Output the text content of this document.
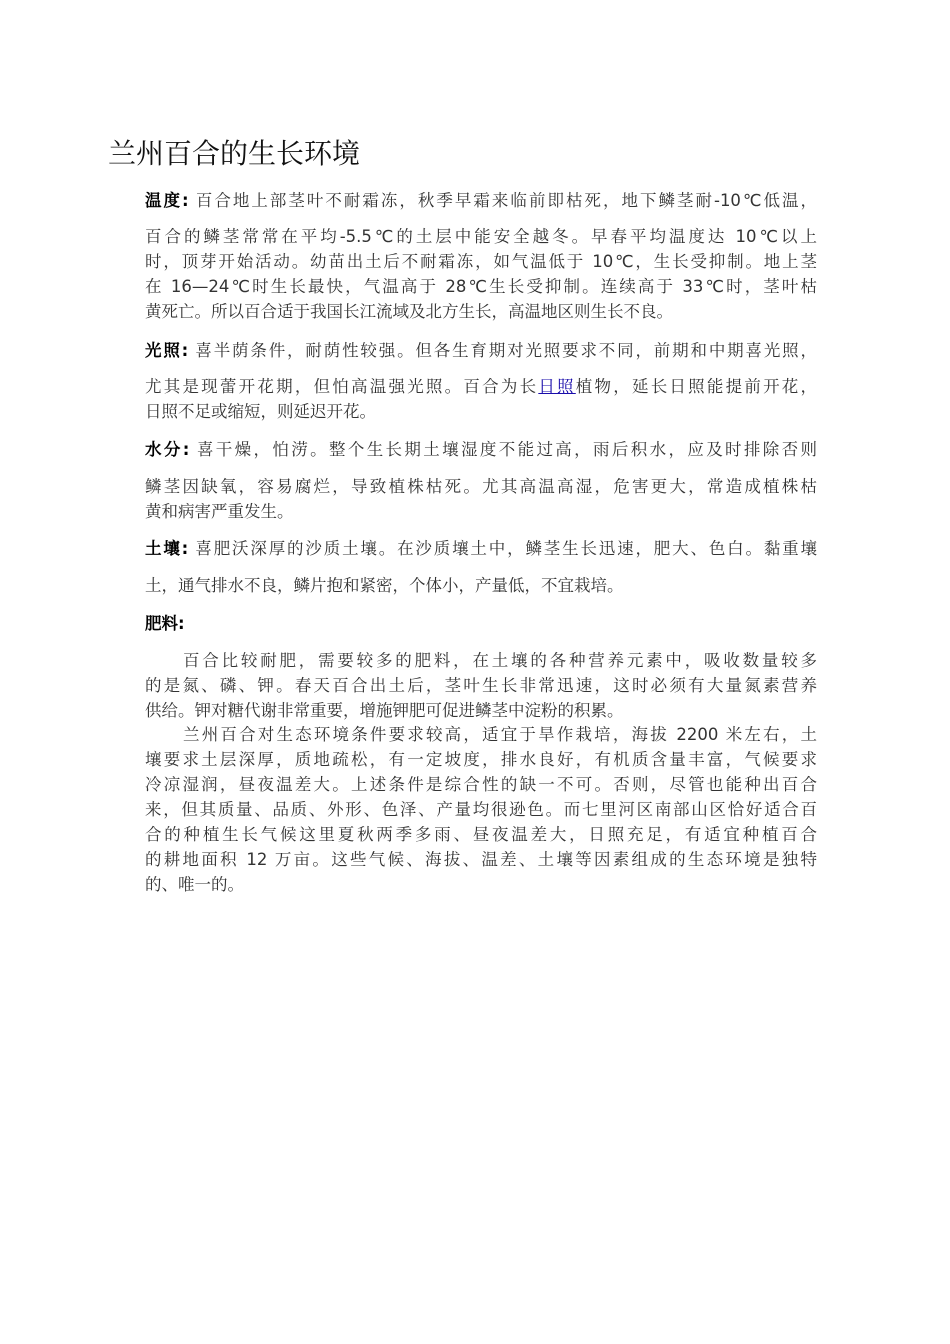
兰州百合的生长环境
温度: 百合地上部茎叶不耐霜冻，秋季早霜来临前即枯死，地下鳞茎耐-10℃低温，
百合的鳞茎常常在平均-5.5℃的土层中能安全越冬。早春平均温度达 10℃以上
时，顶芽开始活动。幼苗出土后不耐霜冻，如气温低于 10℃，生长受抑制。地上茎
在 16—24℃时生长最快，气温高于 28℃生长受抑制。连续高于 33℃时，茎叶枯
黄死亡。所以百合适于我国长江流域及北方生长，高温地区则生长不良。
光照: 喜半荫条件，耐荫性较强。但各生育期对光照要求不同，前期和中期喜光照，
尤其是现蕾开花期，但怕高温强光照。百合为长日照植物，延长日照能提前开花，
日照不足或缩短，则延迟开花。
水分: 喜干燥，怕涝。整个生长期土壤湿度不能过高，雨后积水，应及时排除否则
鳞茎因缺氧，容易腐烂，导致植株枯死。尤其高温高湿，危害更大，常造成植株枯
黄和病害严重发生。
土壤: 喜肥沃深厚的沙质土壤。在沙质壤土中，鳞茎生长迅速，肥大、色白。黏重壤
土，通气排水不良，鳞片抱和紧密，个体小，产量低，不宜栽培。
肥料:
百合比较耐肥，需要较多的肥料，在土壤的各种营养元素中，吸收数量较多
的是氮、磷、钾。春天百合出土后，茎叶生长非常迅速，这时必须有大量氮素营养
供给。钾对糖代谢非常重要，增施钾肥可促进鳞茎中淀粉的积累。
兰州百合对生态环境条件要求较高，适宜于旱作栽培，海拔 2200 米左右，土
壤要求土层深厚，质地疏松，有一定坡度，排水良好，有机质含量丰富，气候要求
冷凉湿润，昼夜温差大。上述条件是综合性的缺一不可。否则，尽管也能种出百合
来，但其质量、品质、外形、色泽、产量均很逊色。而七里河区南部山区恰好适合百
合的种植生长气候这里夏秋两季多雨、昼夜温差大，日照充足，有适宜种植百合
的耕地面积 12 万亩。这些气候、海拔、温差、土壤等因素组成的生态环境是独特
的、唯一的。
